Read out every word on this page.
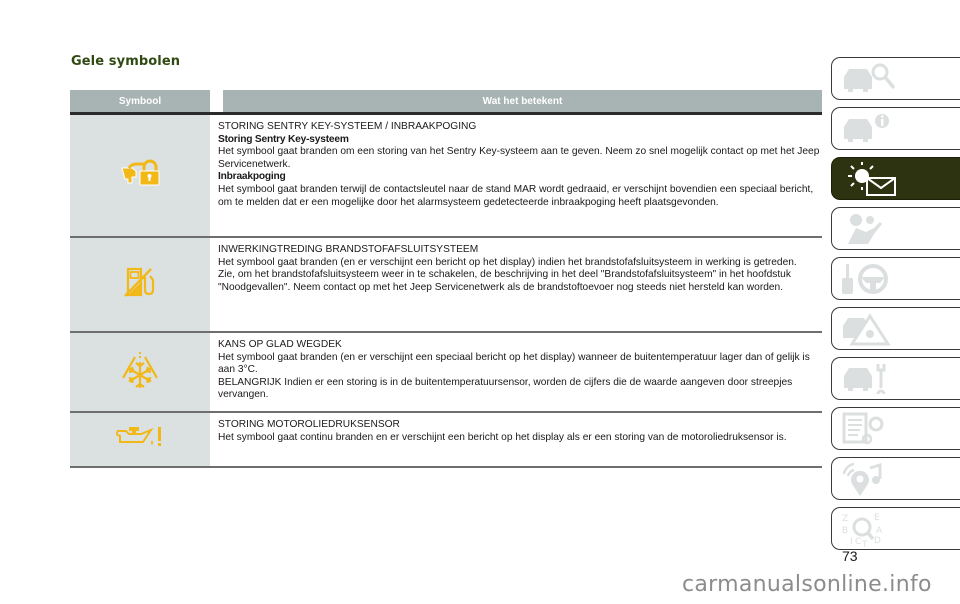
Gele symbolen
Symbool	Wat het betekent

STORING SENTRY KEY-SYSTEEM / INBRAAKPOGING

Storing Sentry Key-systeem

Het symbool gaat branden om een storing van het Sentry Key-systeem aan te geven. Neem zo snel mogelijk contact op met het Jeep Servicenetwerk.

Inbraakpoging

Het symbool gaat branden terwijl de contactsleutel naar de stand MAR wordt gedraaid, er verschijnt bovendien een speciaal bericht, om te melden dat er een mogelijke door het alarmsysteem gedetecteerde inbraakpoging heeft plaatsgevonden.

INWERKINGTREDING BRANDSTOFAFSLUITSYSTEEM

Het symbool gaat branden (en er verschijnt een bericht op het display) indien het brandstofafsluitsysteem in werking is getreden.

Zie, om het brandstofafsluitsysteem weer in te schakelen, de beschrijving in het deel "Brandstofafsluitsysteem" in het hoofdstuk "Noodgevallen". Neem contact op met het Jeep Servicenetwerk als de brandstoftoevoer nog steeds niet hersteld kan worden.

KANS OP GLAD WEGDEK

Het symbool gaat branden (en er verschijnt een speciaal bericht op het display) wanneer de buitentemperatuur lager dan of gelijk is aan 3°C.

BELANGRIJK Indien er een storing is in de buitentemperatuursensor, worden de cijfers die de waarde aangeven door streepjes vervangen.

STORING MOTOROLIEDRUKSENSOR

Het symbool gaat continu branden en er verschijnt een bericht op het display als er een storing van de motoroliedruksensor is.

Z
B
I C T
E
A
D
73
carmanualsonline.info
